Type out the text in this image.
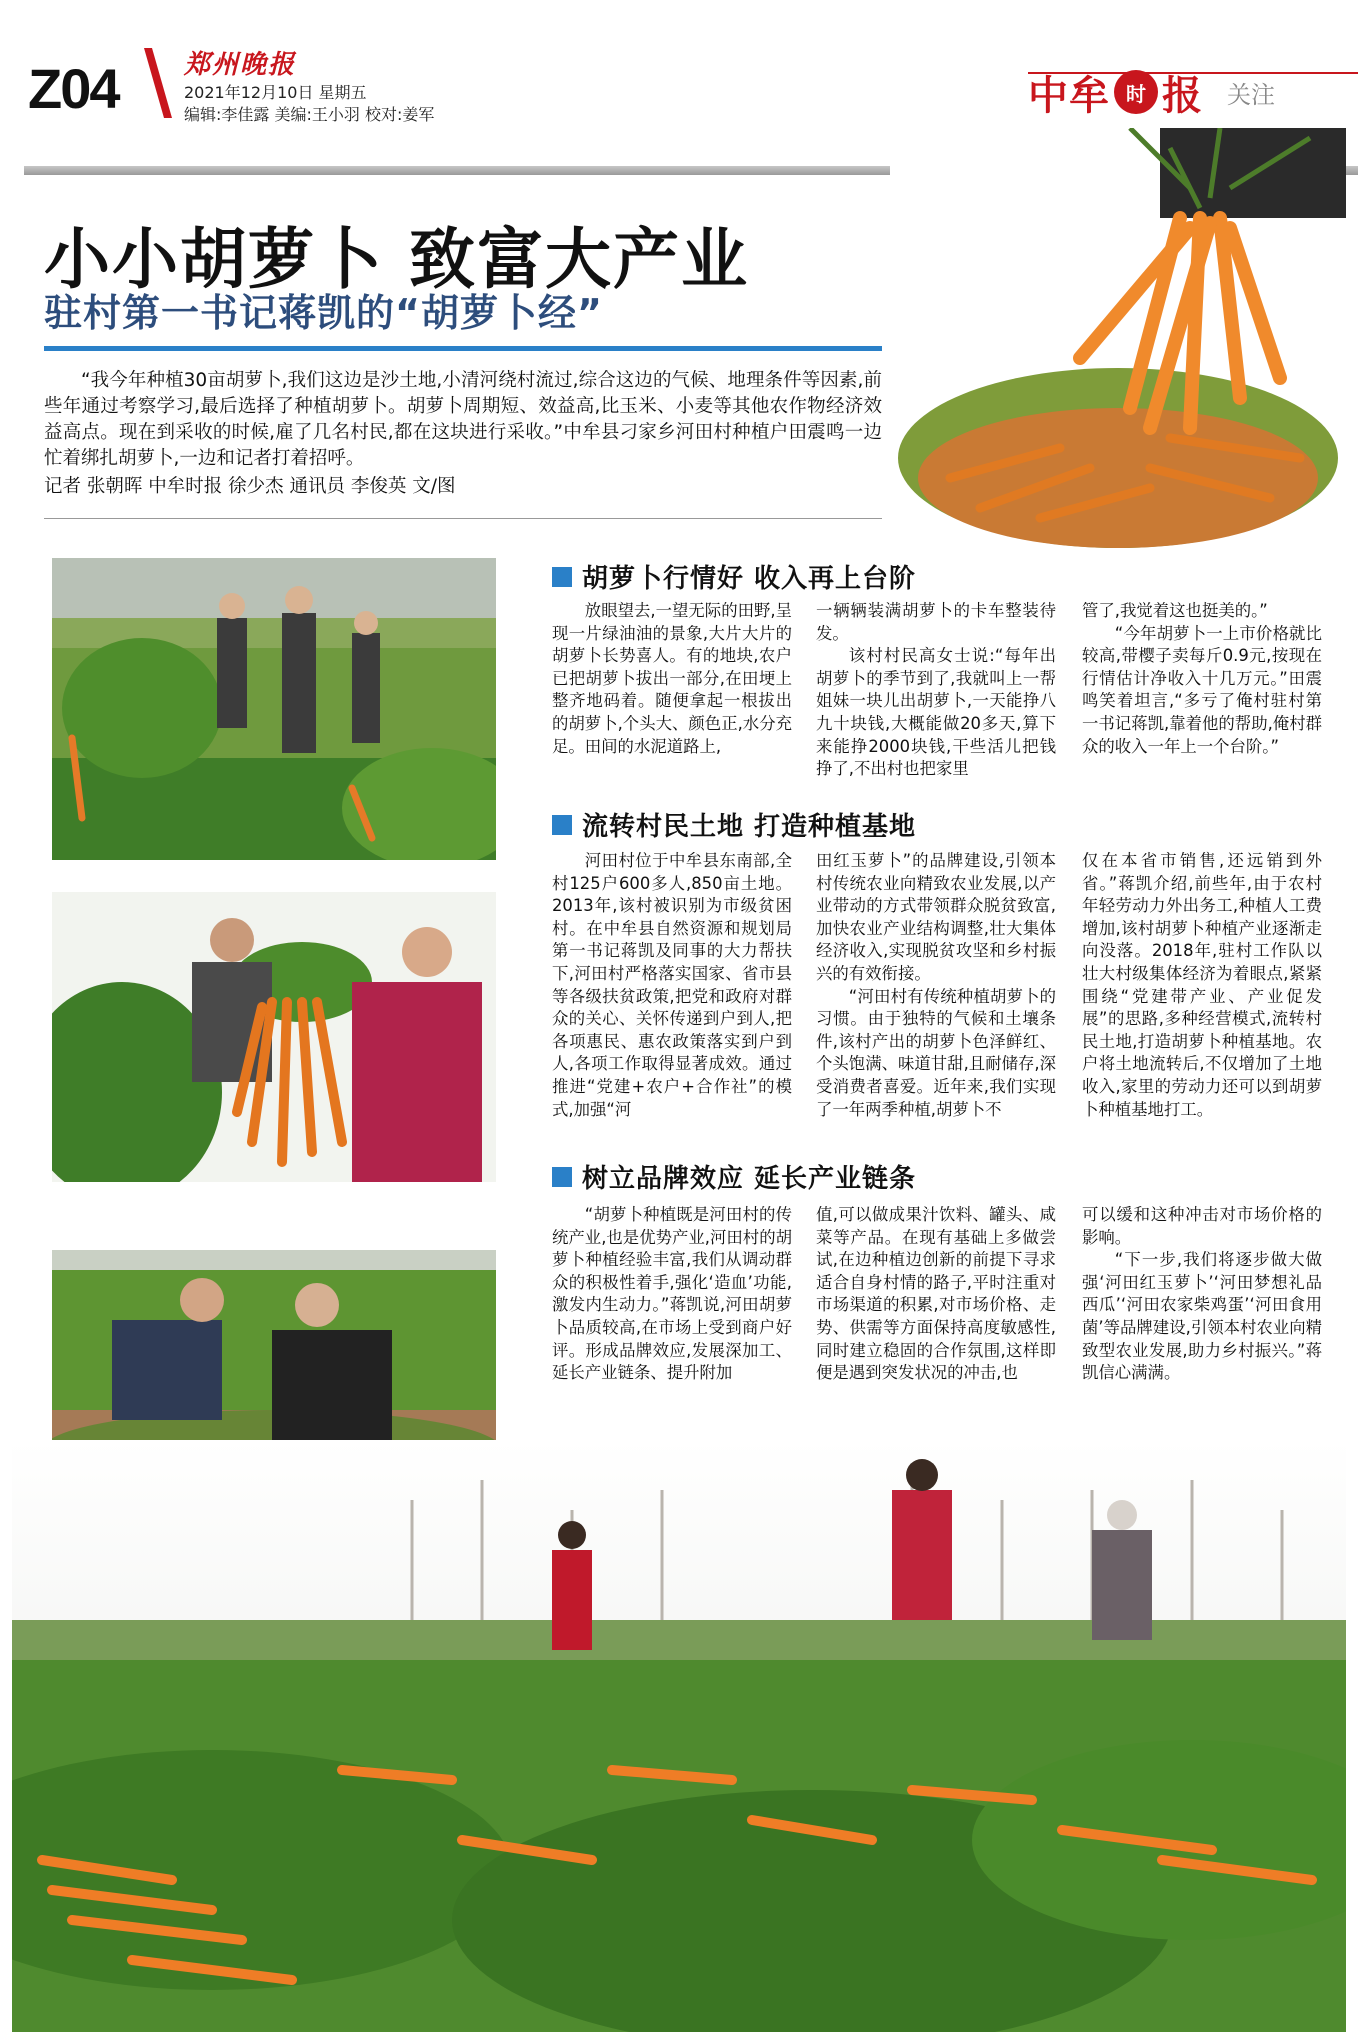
Z04	郑州晚报
2021年12月10日 星期五
编辑:李佳露 美编:王小羽 校对:姜军	中牟 时 报 关注
小小胡萝卜 致富大产业
驻村第一书记蒋凯的“胡萝卜经”

“我今年种植30亩胡萝卜,我们这边是沙土地,小清河绕村流过,综合这边的气候、地理条件等因素,前些年通过考察学习,最后选择了种植胡萝卜。胡萝卜周期短、效益高,比玉米、小麦等其他农作物经济效益高点。现在到采收的时候,雇了几名村民,都在这块进行采收。”中牟县刁家乡河田村种植户田震鸣一边忙着绑扎胡萝卜,一边和记者打着招呼。

记者 张朝晖 中牟时报 徐少杰 通讯员 李俊英 文/图

胡萝卜行情好 收入再上台阶
放眼望去,一望无际的田野,呈现一片绿油油的景象,大片大片的胡萝卜长势喜人。有的地块,农户已把胡萝卜拔出一部分,在田埂上整齐地码着。随便拿起一根拔出的胡萝卜,个头大、颜色正,水分充足。田间的水泥道路上,
一辆辆装满胡萝卜的卡车整装待发。
该村村民高女士说:“每年出胡萝卜的季节到了,我就叫上一帮姐妹一块儿出胡萝卜,一天能挣八九十块钱,大概能做20多天,算下来能挣2000块钱,干些活儿把钱挣了,不出村也把家里
管了,我觉着这也挺美的。”
“今年胡萝卜一上市价格就比较高,带樱子卖每斤0.9元,按现在行情估计净收入十几万元。”田震鸣笑着坦言,“多亏了俺村驻村第一书记蒋凯,靠着他的帮助,俺村群众的收入一年上一个台阶。”
流转村民土地 打造种植基地
河田村位于中牟县东南部,全村125户600多人,850亩土地。2013年,该村被识别为市级贫困村。在中牟县自然资源和规划局第一书记蒋凯及同事的大力帮扶下,河田村严格落实国家、省市县等各级扶贫政策,把党和政府对群众的关心、关怀传递到户到人,把各项惠民、惠农政策落实到户到人,各项工作取得显著成效。通过推进“党建+农户+合作社”的模式,加强“河
田红玉萝卜”的品牌建设,引领本村传统农业向精致农业发展,以产业带动的方式带领群众脱贫致富,加快农业产业结构调整,壮大集体经济收入,实现脱贫攻坚和乡村振兴的有效衔接。
“河田村有传统种植胡萝卜的习惯。由于独特的气候和土壤条件,该村产出的胡萝卜色泽鲜红、个头饱满、味道甘甜,且耐储存,深受消费者喜爱。近年来,我们实现了一年两季种植,胡萝卜不
仅在本省市销售,还远销到外省。”蒋凯介绍,前些年,由于农村年轻劳动力外出务工,种植人工费增加,该村胡萝卜种植产业逐渐走向没落。2018年,驻村工作队以壮大村级集体经济为着眼点,紧紧围绕“党建带产业、产业促发展”的思路,多种经营模式,流转村民土地,打造胡萝卜种植基地。农户将土地流转后,不仅增加了土地收入,家里的劳动力还可以到胡萝卜种植基地打工。
树立品牌效应 延长产业链条
“胡萝卜种植既是河田村的传统产业,也是优势产业,河田村的胡萝卜种植经验丰富,我们从调动群众的积极性着手,强化‘造血’功能,激发内生动力。”蒋凯说,河田胡萝卜品质较高,在市场上受到商户好评。形成品牌效应,发展深加工、延长产业链条、提升附加
值,可以做成果汁饮料、罐头、咸菜等产品。在现有基础上多做尝试,在边种植边创新的前提下寻求适合自身村情的路子,平时注重对市场渠道的积累,对市场价格、走势、供需等方面保持高度敏感性,同时建立稳固的合作氛围,这样即便是遇到突发状况的冲击,也
可以缓和这种冲击对市场价格的影响。
“下一步,我们将逐步做大做强‘河田红玉萝卜’‘河田梦想礼品西瓜’‘河田农家柴鸡蛋’‘河田食用菌’等品牌建设,引领本村农业向精致型农业发展,助力乡村振兴。”蒋凯信心满满。
